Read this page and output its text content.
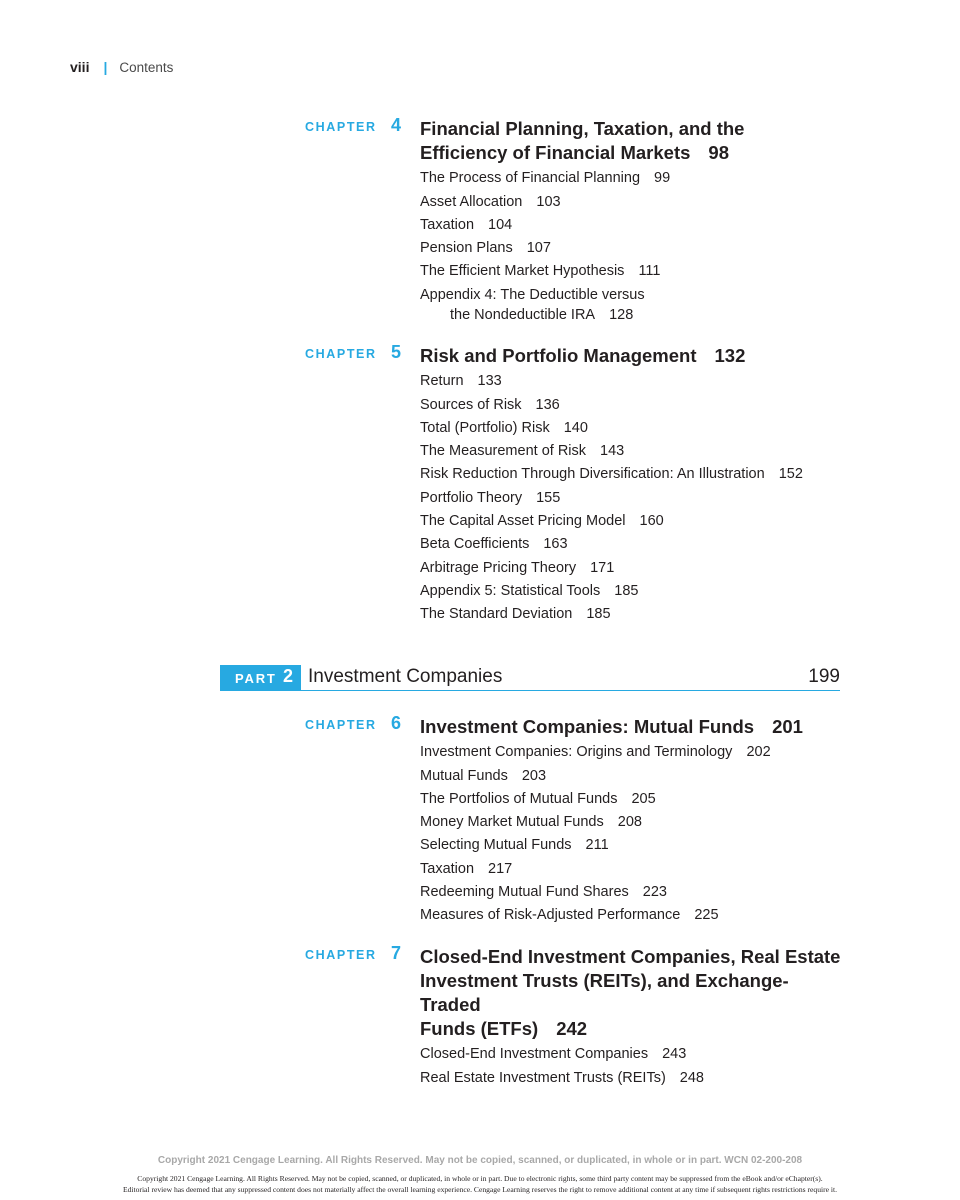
viii | Contents
CHAPTER 4 Financial Planning, Taxation, and the
Efficiency of Financial Markets 98
The Process of Financial Planning 99
Asset Allocation 103
Taxation 104
Pension Plans 107
The Efficient Market Hypothesis 111
Appendix 4: The Deductible versus
the Nondeductible IRA 128
CHAPTER 5 Risk and Portfolio Management 132
Return 133
Sources of Risk 136
Total (Portfolio) Risk 140
The Measurement of Risk 143
Risk Reduction Through Diversification: An Illustration 152
Portfolio Theory 155
The Capital Asset Pricing Model 160
Beta Coefficients 163
Arbitrage Pricing Theory 171
Appendix 5: Statistical Tools 185
The Standard Deviation 185
PART 2 Investment Companies	199
CHAPTER 6 Investment Companies: Mutual Funds 201
Investment Companies: Origins and Terminology 202
Mutual Funds 203
The Portfolios of Mutual Funds 205
Money Market Mutual Funds 208
Selecting Mutual Funds 211
Taxation 217
Redeeming Mutual Fund Shares 223
Measures of Risk-Adjusted Performance 225
CHAPTER 7 Closed-End Investment Companies, Real Estate
Investment Trusts (REITs), and Exchange-Traded
Funds (ETFs) 242
Closed-End Investment Companies 243
Real Estate Investment Trusts (REITs) 248
Copyright 2021 Cengage Learning. All Rights Reserved. May not be copied, scanned, or duplicated, in whole or in part. WCN 02-200-208
Copyright 2021 Cengage Learning. All Rights Reserved. May not be copied, scanned, or duplicated, in whole or in part. Due to electronic rights, some third party content may be suppressed from the eBook and/or eChapter(s).
Editorial review has deemed that any suppressed content does not materially affect the overall learning experience. Cengage Learning reserves the right to remove additional content at any time if subsequent rights restrictions require it.
